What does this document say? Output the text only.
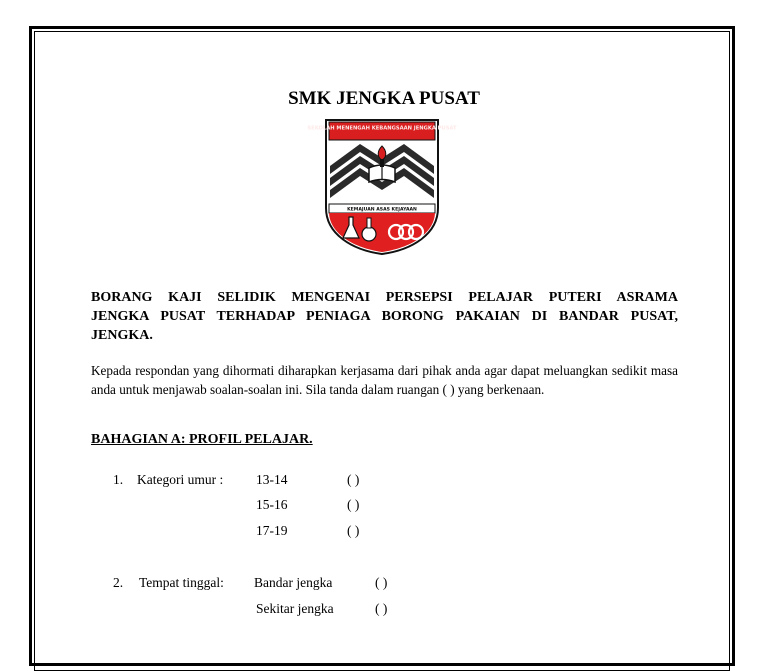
SMK JENGKA PUSAT
SEKOLAH MENENGAH KEBANGSAAN JENGKA PUSAT
KEMAJUAN ASAS KEJAYAAN
BORANG KAJI SELIDIK MENGENAI PERSEPSI PELAJAR PUTERI ASRAMA
JENGKA PUSAT TERHADAP PENIAGA BORONG PAKAIAN DI BANDAR PUSAT,
JENGKA.
Kepada respondan yang dihormati diharapkan kerjasama dari pihak anda agar dapat meluangkan sedikit masa anda untuk menjawab soalan-soalan ini. Sila tanda dalam ruangan ( ) yang berkenaan.
BAHAGIAN A: PROFIL PELAJAR.
1. Kategori umur : 13-14	( )
15-16	( )
17-19	( )
2. Tempat tinggal: Bandar jengka	( )
Sekitar jengka	( )
